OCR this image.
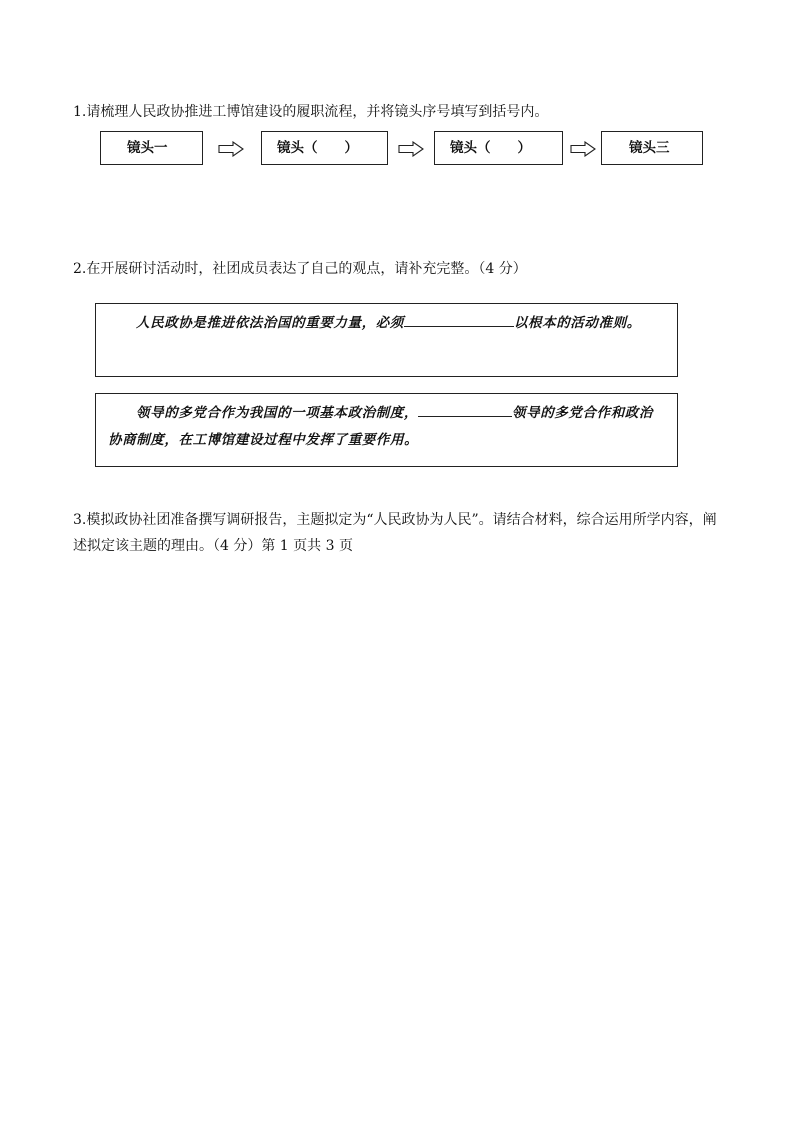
1.请梳理人民政协推进工博馆建设的履职流程，并将镜头序号填写到括号内。
镜头一	镜头（　　）	镜头（　　）	镜头三
2.在开展研讨活动时，社团成员表达了自己的观点，请补充完整。（4 分）
人民政协是推进依法治国的重要力量，必须	以根本的活动准则。
领导的多党合作为我国的一项基本政治制度，	领导的多党合作和政治协商制度，在工博馆建设过程中发挥了重要作用。
3.模拟政协社团准备撰写调研报告，主题拟定为“人民政协为人民”。请结合材料，综合运用所学内容，阐述拟定该主题的理由。（4 分）第 1 页共 3 页
